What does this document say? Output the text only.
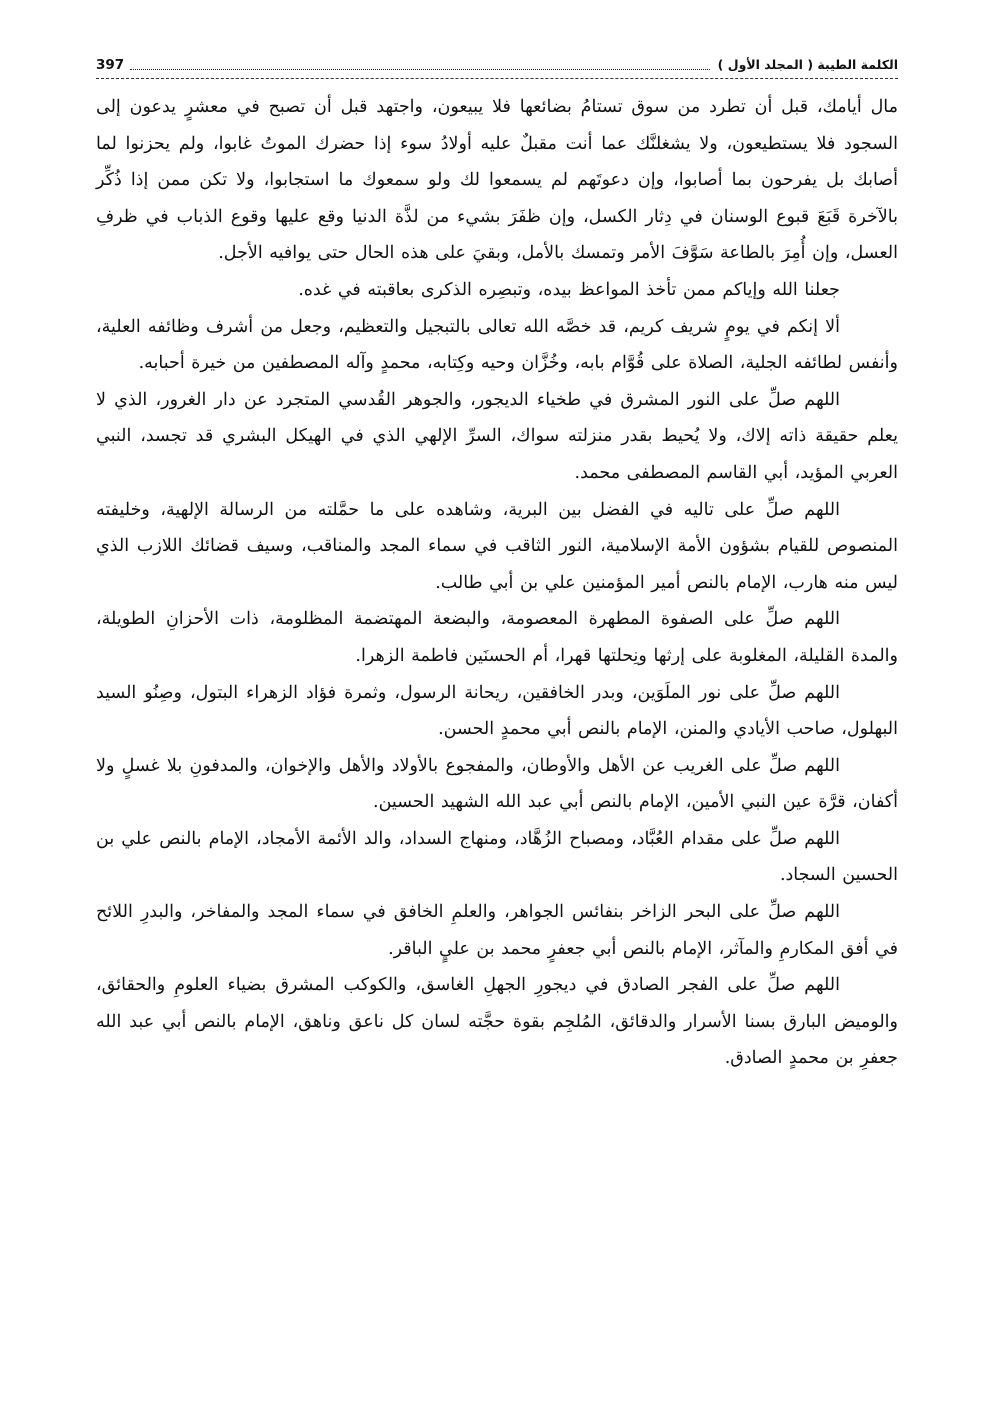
الكلمة الطيبة ( المجلد الأول )
397

مال أيامك، قبل أن تطرد من سوق تستامُ بضائعها فلا يبيعون، واجتهد قبل أن تصبح في معشرٍ يدعون إلى السجود فلا يستطيعون، ولا يشغلنَّك عما أنت مقبلٌ عليه أولادُ سوء إذا حضرك الموتُ غابوا، ولم يحزنوا لما أصابك بل يفرحون بما أصابوا، وإن دعوتَهم لم يسمعوا لك ولو سمعوك ما استجابوا، ولا تكن ممن إذا ذُكِّر بالآخرة قَبَعَ قبوع الوسنان في دِثار الكسل، وإن ظفَرَ بشيء من لذَّة الدنيا وقع عليها وقوع الذباب في ظرفِ العسل، وإن أُمِرَ بالطاعة سَوَّفَ الأمر وتمسك بالأمل، وبقيَ على هذه الحال حتى يوافيه الأجل.

جعلنا الله وإياكم ممن تأخذ المواعظ بيده، وتبصِره الذكرى بعاقبته في غده.

ألا إنكم في يومٍ شريف كريم، قد خصَّه الله تعالى بالتبجيل والتعظيم، وجعل من أشرف وظائفه العلية، وأنفس لطائفه الجلية، الصلاة على قُوَّام بابه، وخُزَّان وحيه وكِتابه، محمدٍ وآله المصطفين من خيرة أحبابه.

اللهم صلِّ على النور المشرق في طخياء الديجور، والجوهر القُدسي المتجرد عن دار الغرور، الذي لا يعلم حقيقة ذاته إلاك، ولا يُحيط بقدر منزلته سواك، السرِّ الإلهي الذي في الهيكل البشري قد تجسد، النبي العربي المؤيد، أبي القاسم المصطفى محمد.

اللهم صلِّ على تاليه في الفضل بين البرية، وشاهده على ما حمَّلته من الرسالة الإلهية، وخليفته المنصوص للقيام بشؤون الأمة الإسلامية، النور الثاقب في سماء المجد والمناقب، وسيف قضائك اللازب الذي ليس منه هارب، الإمام بالنص أمير المؤمنين علي بن أبي طالب.

اللهم صلِّ على الصفوة المطهرة المعصومة، والبضعة المهتضمة المظلومة، ذات الأحزانِ الطويلة، والمدة القليلة، المغلوبة على إرثها ونِحلتها قهرا، أم الحسنَين فاطمة الزهرا.

اللهم صلِّ على نور الملَوَين، وبدر الخافقين، ريحانة الرسول، وثمرة فؤاد الزهراء البتول، وصِنُو السيد البهلول، صاحب الأيادي والمنن، الإمام بالنص أبي محمدٍ الحسن.

اللهم صلِّ على الغريب عن الأهل والأوطان، والمفجوع بالأولاد والأهل والإخوان، والمدفونِ بلا غسلٍ ولا أكفان، قرَّة عين النبي الأمين، الإمام بالنص أبي عبد الله الشهيد الحسين.

اللهم صلِّ على مقدام العُبَّاد، ومصباح الزُهَّاد، ومنهاج السداد، والد الأئمة الأمجاد، الإمام بالنص علي بن الحسين السجاد.

اللهم صلِّ على البحر الزاخر بنفائس الجواهر، والعلمِ الخافق في سماء المجد والمفاخر، والبدرِ اللائح في أفق المكارمِ والمآثر، الإمام بالنص أبي جعفرٍ محمد بن عليٍ الباقر.

اللهم صلِّ على الفجر الصادق في ديجورِ الجهلِ الغاسق، والكوكب المشرق بضياء العلومِ والحقائق، والوميض البارق بسنا الأسرار والدقائق، المُلجِم بقوة حجَّته لسان كل ناعق وناهق، الإمام بالنص أبي عبد الله جعفرِ بن محمدٍ الصادق.
